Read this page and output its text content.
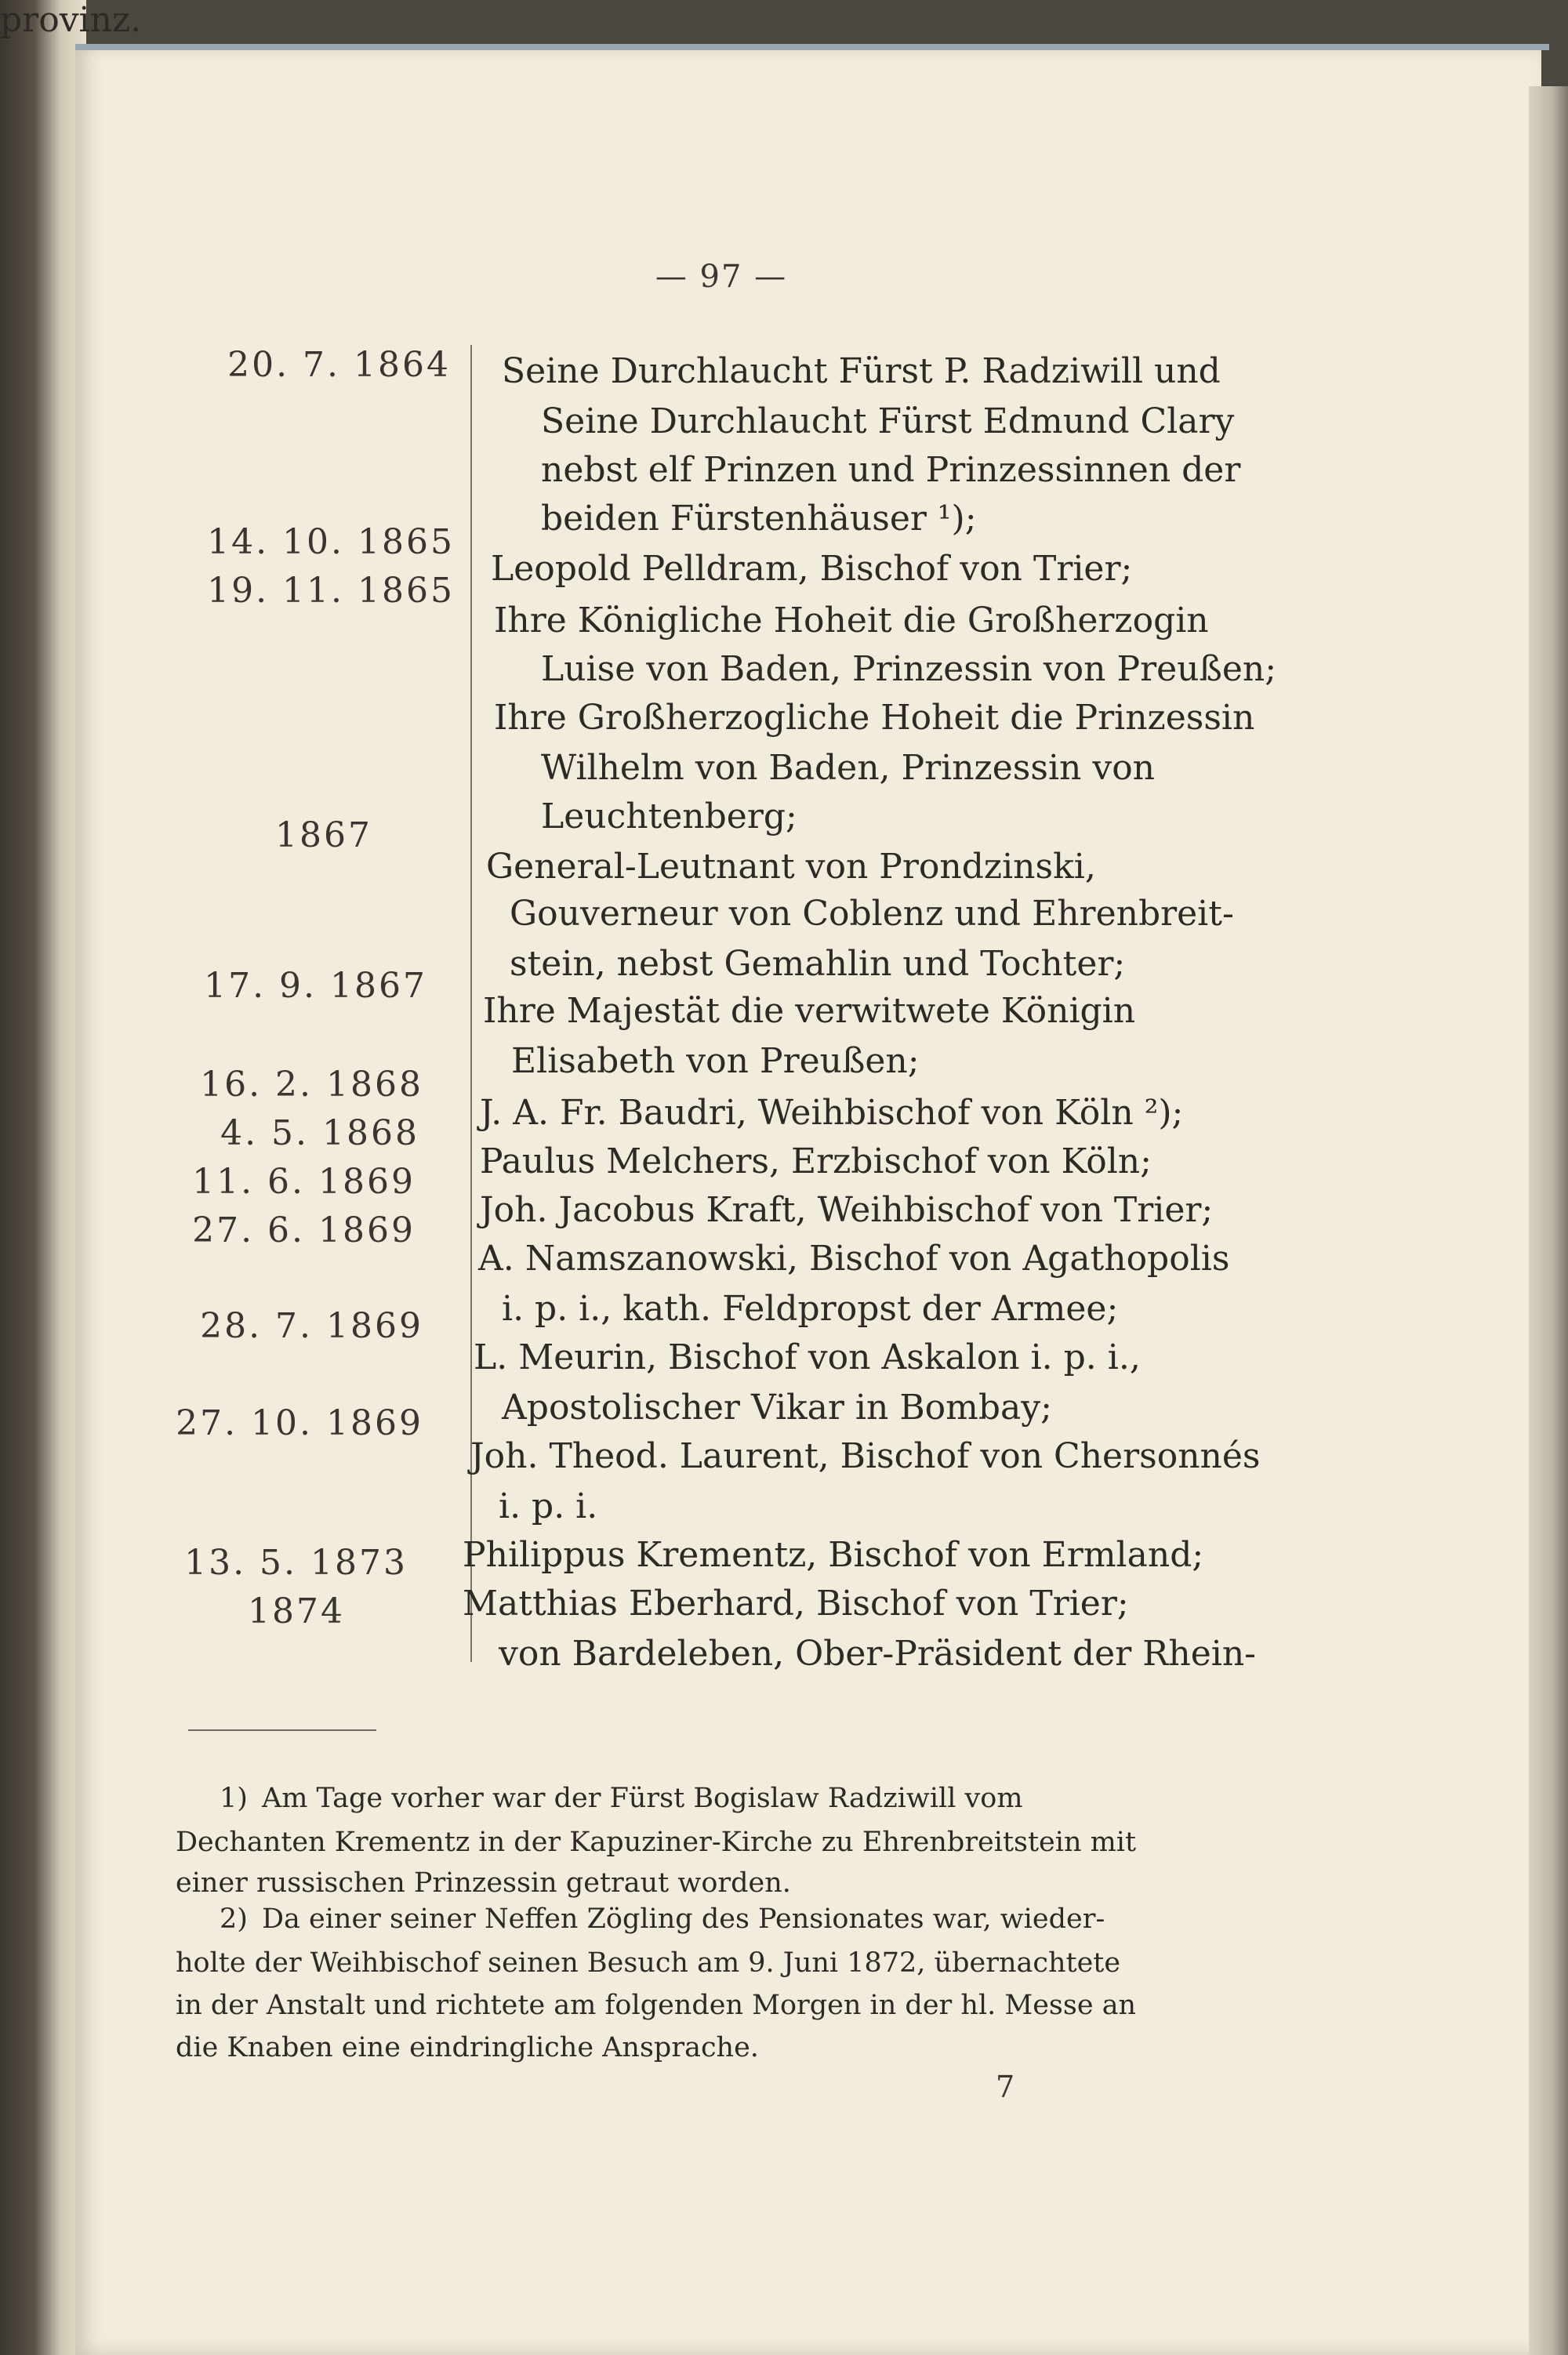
— 97 —
20. 7. 1864 Seine Durchlaucht Fürst P. Radziwill und
Seine Durchlaucht Fürst Edmund Clary
nebst elf Prinzen und Prinzessinnen der
beiden Fürstenhäuser ¹);
14. 10. 1865
Leopold Pelldram, Bischof von Trier;
19. 11. 1865
Ihre Königliche Hoheit die Großherzogin
Luise von Baden, Prinzessin von Preußen;
Ihre Großherzogliche Hoheit die Prinzessin
Wilhelm von Baden, Prinzessin von
Leuchtenberg;
1867
General-Leutnant von Prondzinski,
Gouverneur von Coblenz und Ehrenbreit-
stein, nebst Gemahlin und Tochter;
17. 9. 1867
Ihre Majestät die verwitwete Königin
Elisabeth von Preußen;
16. 2. 1868
J. A. Fr. Baudri, Weihbischof von Köln ²);
4. 5. 1868
Paulus Melchers, Erzbischof von Köln;
11. 6. 1869
Joh. Jacobus Kraft, Weihbischof von Trier;
27. 6. 1869
A. Namszanowski, Bischof von Agathopolis
i. p. i., kath. Feldpropst der Armee;
28. 7. 1869
L. Meurin, Bischof von Askalon i. p. i.,
Apostolischer Vikar in Bombay;
27. 10. 1869
Joh. Theod. Laurent, Bischof von Chersonnés
i. p. i.
Philippus Krementz, Bischof von Ermland;
13. 5. 1873
Matthias Eberhard, Bischof von Trier;
1874
von Bardeleben, Ober-Präsident der Rhein-
provinz.
1) Am Tage vorher war der Fürst Bogislaw Radziwill vom
Dechanten Krementz in der Kapuziner-Kirche zu Ehrenbreitstein mit
einer russischen Prinzessin getraut worden.
2) Da einer seiner Neffen Zögling des Pensionates war, wieder-
holte der Weihbischof seinen Besuch am 9. Juni 1872, übernachtete
in der Anstalt und richtete am folgenden Morgen in der hl. Messe an
die Knaben eine eindringliche Ansprache.
7
